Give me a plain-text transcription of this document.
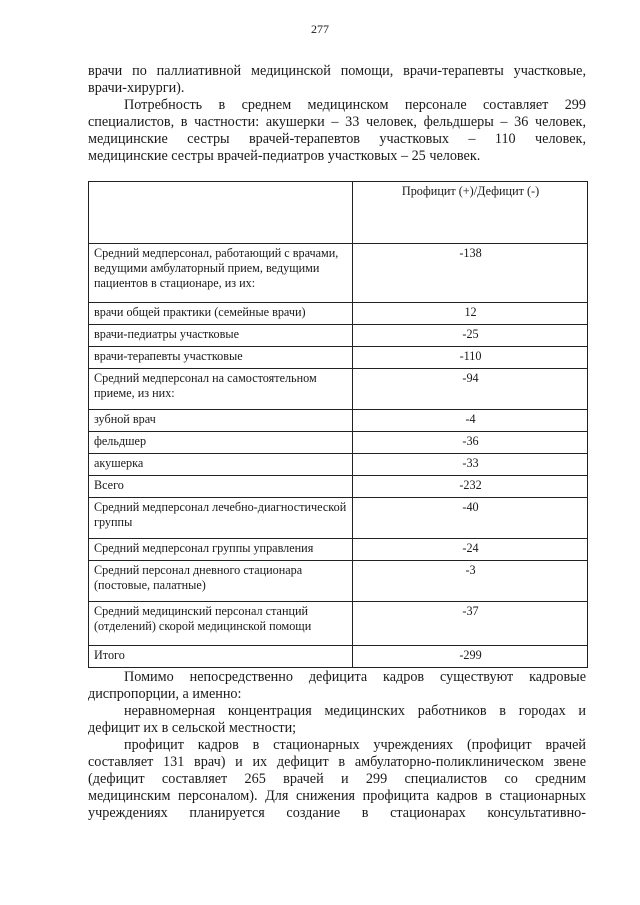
277

врачи по паллиативной медицинской помощи, врачи-терапевты участковые,
врачи-хирурги).

Потребность в среднем медицинском персонале составляет 299
специалистов, в частности: акушерки – 33 человек, фельдшеры – 36 человек,
медицинские сестры врачей-терапевтов участковых – 110 человек,
медицинские сестры врачей-педиатров участковых – 25 человек.

	Профицит (+)/Дефицит (-)
Средний медперсонал, работающий с врачами, ведущими амбулаторный прием, ведущими пациентов в стационаре, из их:	-138
врачи общей практики (семейные врачи)	12
врачи-педиатры участковые	-25
врачи-терапевты участковые	-110
Средний медперсонал на самостоятельном приеме, из них:	-94
зубной врач	-4
фельдшер	-36
акушерка	-33
Всего	-232
Средний медперсонал лечебно-диагностической группы	-40
Средний медперсонал группы управления	-24
Средний персонал дневного стационара (постовые, палатные)	-3
Средний медицинский персонал станций (отделений) скорой медицинской помощи	-37
Итого	-299

Помимо непосредственно дефицита кадров существуют кадровые
диспропорции, а именно:
неравномерная концентрация медицинских работников в городах и
дефицит их в сельской местности;
профицит кадров в стационарных учреждениях (профицит врачей
составляет 131 врач) и их дефицит в амбулаторно-поликлиническом звене
(дефицит составляет 265 врачей и 299 специалистов со средним
медицинским персоналом). Для снижения профицита кадров в стационарных
учреждениях планируется создание в стационарах консультативно-
